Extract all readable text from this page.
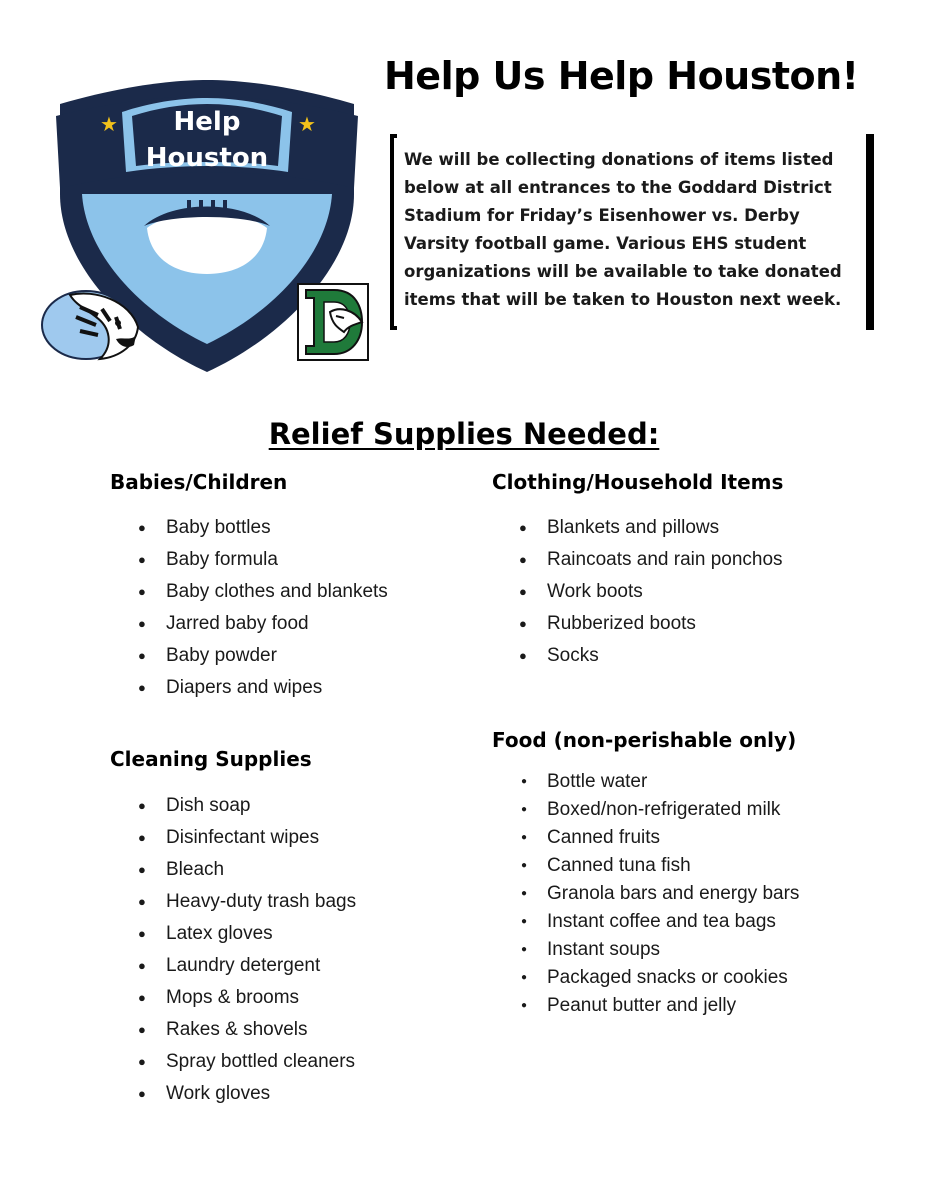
★	★
Help
Houston
Help Us Help Houston!

We will be collecting donations of items listed below at all entrances to the Goddard District Stadium for Friday’s Eisenhower vs. Derby Varsity football game. Various EHS student organizations will be available to take donated items that will be taken to Houston next week.

Relief Supplies Needed:
Babies/Children
● Baby bottles
● Baby formula
● Baby clothes and blankets
● Jarred baby food
● Baby powder
● Diapers and wipes
Cleaning Supplies
● Dish soap
● Disinfectant wipes
● Bleach
● Heavy-duty trash bags
● Latex gloves
● Laundry detergent
● Mops & brooms
● Rakes & shovels
● Spray bottled cleaners
● Work gloves
Clothing/Household Items
● Blankets and pillows
● Raincoats and rain ponchos
● Work boots
● Rubberized boots
● Socks
Food (non-perishable only)
● Bottle water
● Boxed/non-refrigerated milk
● Canned fruits
● Canned tuna fish
● Granola bars and energy bars
● Instant coffee and tea bags
● Instant soups
● Packaged snacks or cookies
● Peanut butter and jelly
